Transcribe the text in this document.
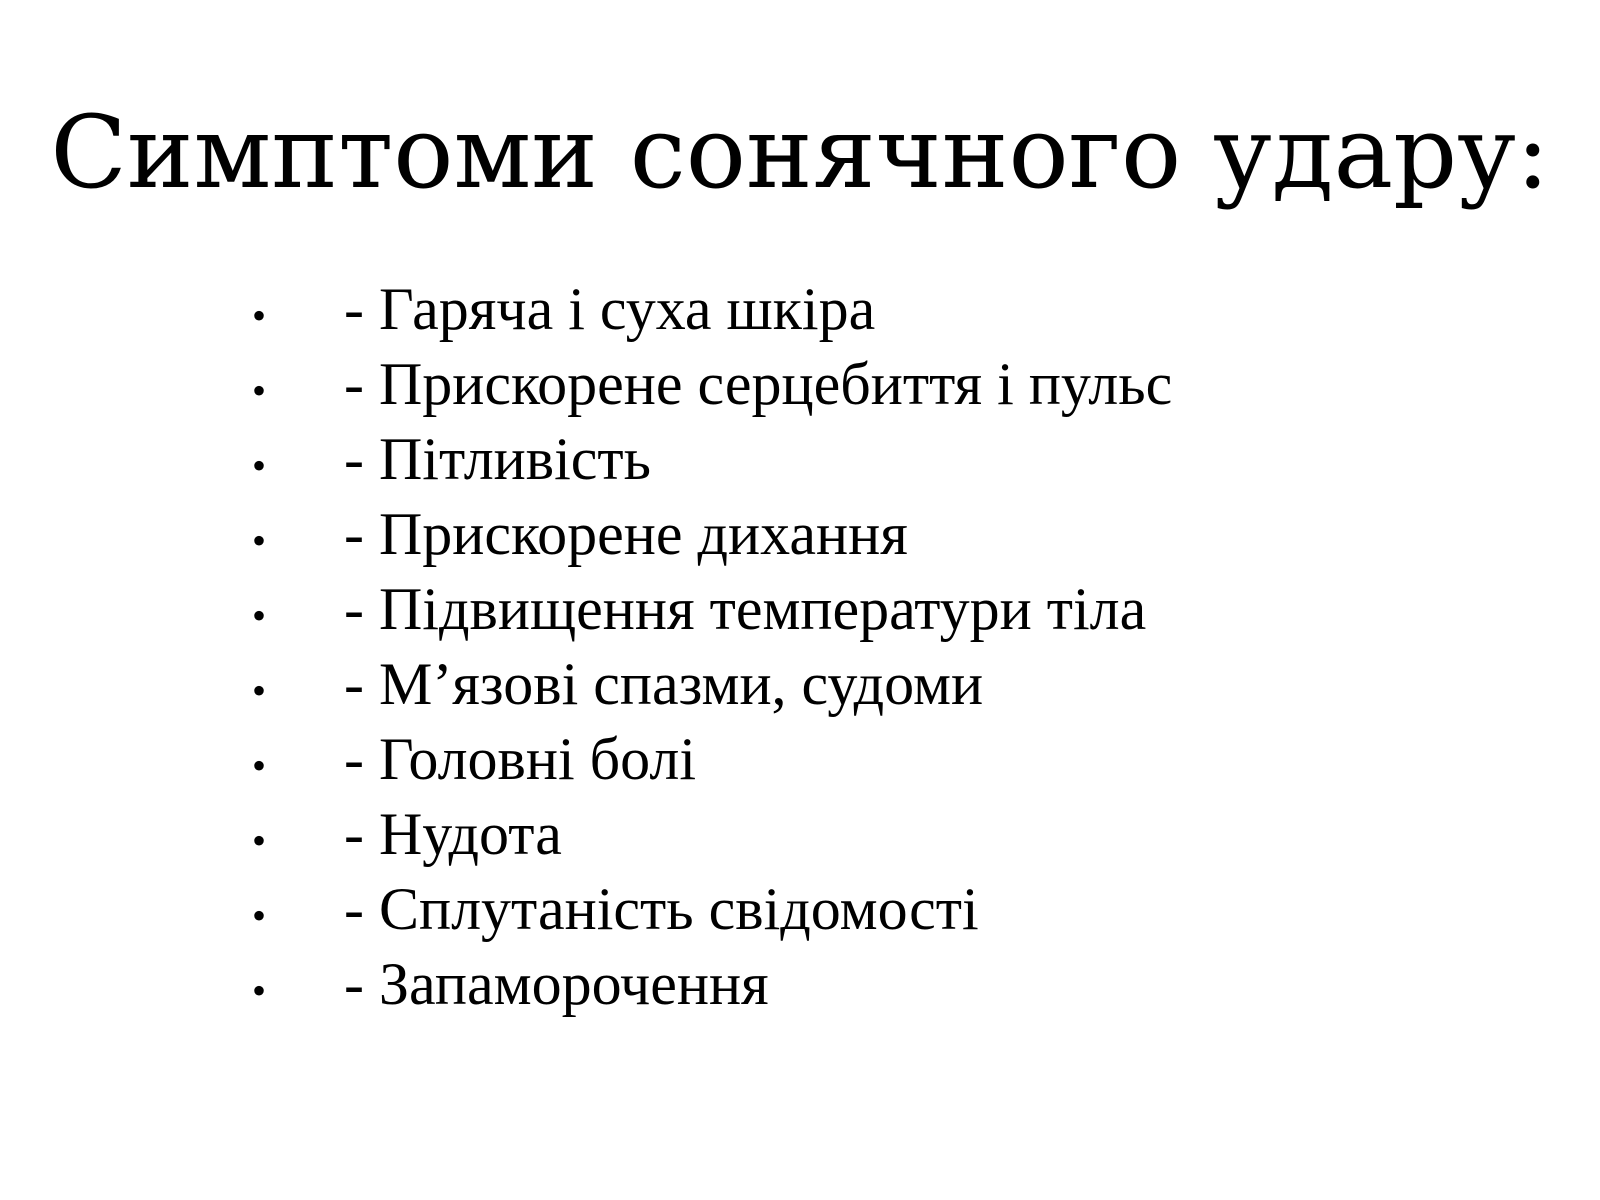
Симптоми сонячного удару:
•	- Гаряча і суха шкіра
•	- Прискорене серцебиття і пульс
•	- Пітливість
•	- Прискорене дихання
•	- Підвищення температури тіла
•	- М’язові спазми, судоми
•	- Головні болі
•	- Нудота
•	- Сплутаність свідомості
•	- Запаморочення
